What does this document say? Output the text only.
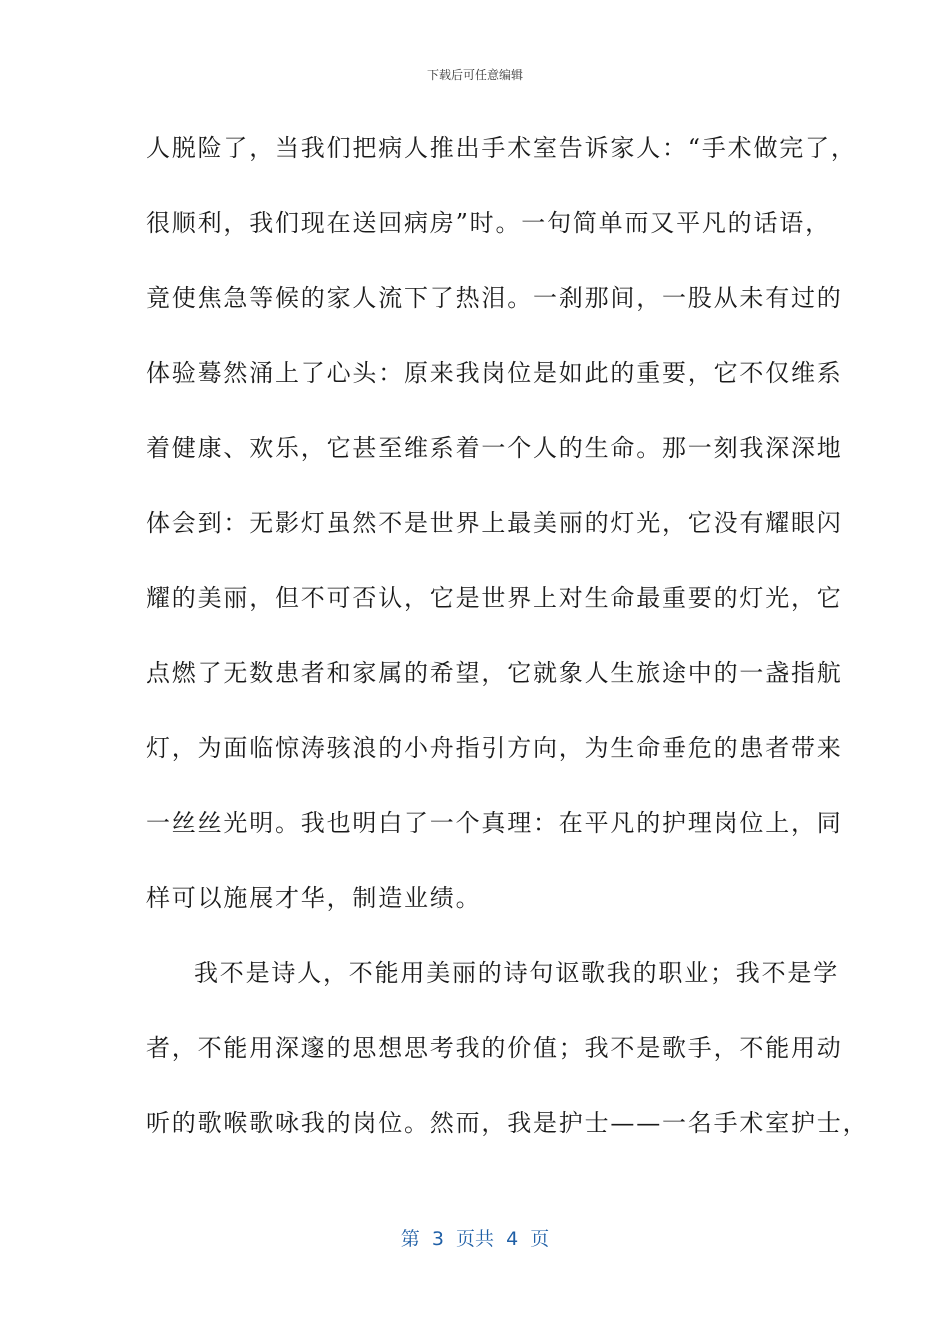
下载后可任意编辑
人脱险了，当我们把病人推出手术室告诉家人：“手术做完了，
很顺利，我们现在送回病房”时。一句简单而又平凡的话语，
竟使焦急等候的家人流下了热泪。一刹那间，一股从未有过的
体验蓦然涌上了心头：原来我岗位是如此的重要，它不仅维系
着健康、欢乐，它甚至维系着一个人的生命。那一刻我深深地
体会到：无影灯虽然不是世界上最美丽的灯光，它没有耀眼闪
耀的美丽，但不可否认，它是世界上对生命最重要的灯光，它
点燃了无数患者和家属的希望，它就象人生旅途中的一盏指航
灯，为面临惊涛骇浪的小舟指引方向，为生命垂危的患者带来
一丝丝光明。我也明白了一个真理：在平凡的护理岗位上，同
样可以施展才华，制造业绩。
我不是诗人，不能用美丽的诗句讴歌我的职业；我不是学
者，不能用深邃的思想思考我的价值；我不是歌手，不能用动
听的歌喉歌咏我的岗位。然而，我是护士——一名手术室护士，
第  3  页共  4  页
